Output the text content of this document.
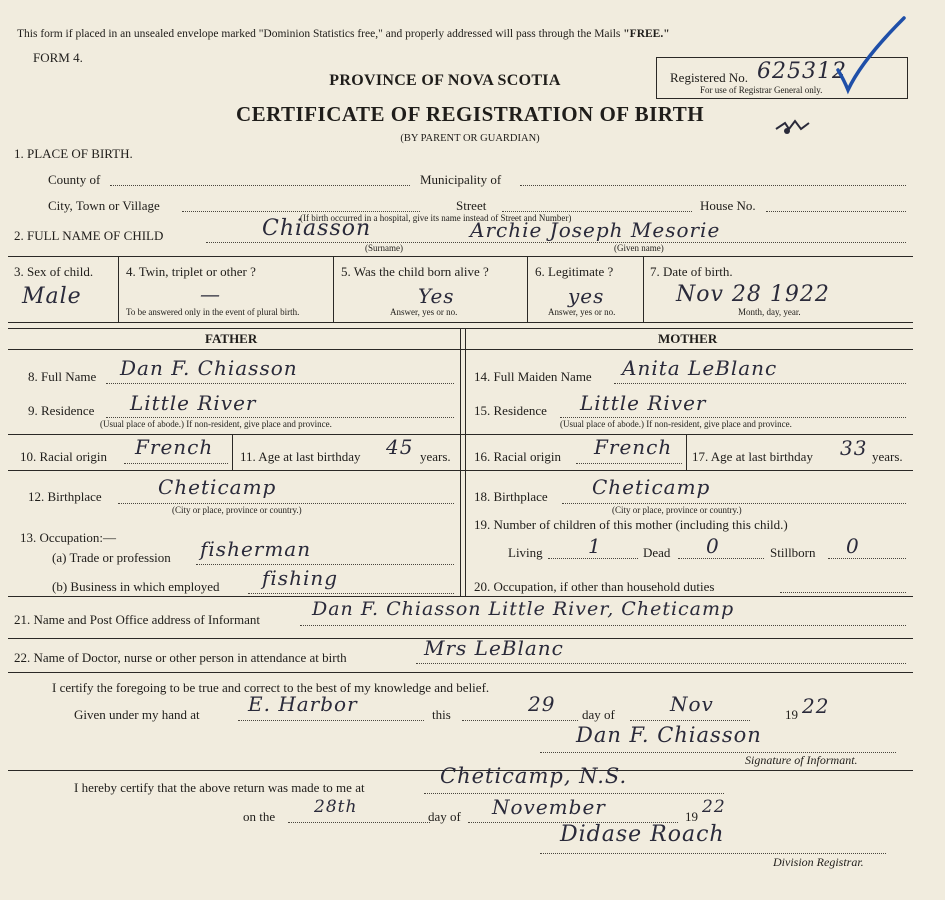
This form if placed in an unsealed envelope marked "Dominion Statistics free," and properly addressed will pass through the Mails "FREE."
FORM 4.
Registered No. 625312
For use of Registrar General only.
PROVINCE OF NOVA SCOTIA
CERTIFICATE OF REGISTRATION OF BIRTH
(BY PARENT OR GUARDIAN)
1. PLACE OF BIRTH.
County of	Municipality of
City, Town or Village	Street	House No.
(If birth occurred in a hospital, give its name instead of Street and Number)
2. FULL NAME OF CHILD	Chiasson	Archie Joseph Mesorie
(Surname)	(Given name)
3. Sex of child.
Male
4. Twin, triplet or other ?
—
To be answered only in the event of plural birth.
5. Was the child born alive ?
Yes
Answer, yes or no.
6. Legitimate ?
yes
Answer, yes or no.
7. Date of birth.
Nov 28 1922
Month, day, year.
FATHER	MOTHER
8. Full Name Dan F. Chiasson
9. Residence Little River
(Usual place of abode.) If non-resident, give place and province.
10. Racial origin French 11. Age at last birthday 45 years.
12. Birthplace	Cheticamp
(City or place, province or country.)
13. Occupation:—
(a) Trade or profession fisherman
(b) Business in which employed fishing
14. Full Maiden Name Anita LeBlanc
15. Residence Little River
(Usual place of abode.) If non-resident, give place and province.
16. Racial origin French 17. Age at last birthday 33 years.
18. Birthplace Cheticamp
(City or place, province or country.)
19. Number of children of this mother (including this child.)
Living 1	Dead 0	Stillborn 0
20. Occupation, if other than household duties
21. Name and Post Office address of Informant	Dan F. Chiasson Little River, Cheticamp
22. Name of Doctor, nurse or other person in attendance at birth	Mrs LeBlanc
I certify the foregoing to be true and correct to the best of my knowledge and belief.
Given under my hand at E. Harbor	this	29 day of	Nov	19 22
Dan F. Chiasson
Signature of Informant.
I hereby certify that the above return was made to me at	Cheticamp, N.S.
on the 28th	day of November	19 22
Didase Roach
Division Registrar.
